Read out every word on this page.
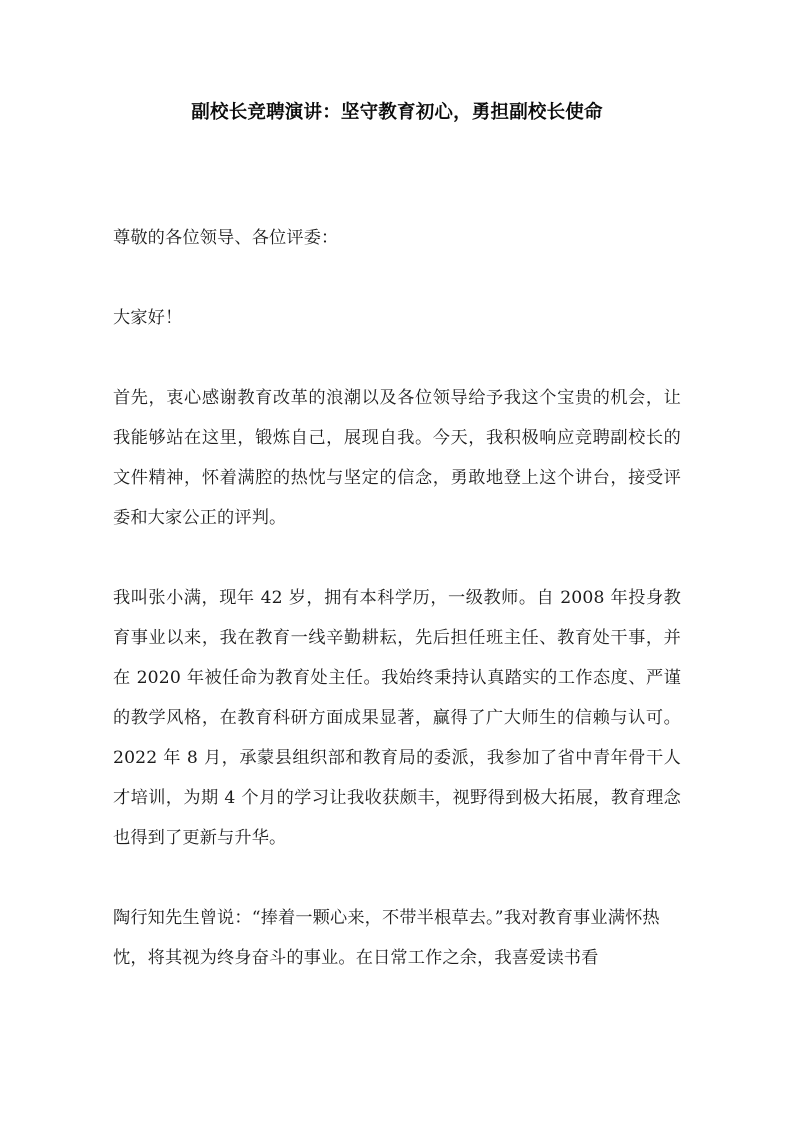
副校长竞聘演讲：坚守教育初心，勇担副校长使命

尊敬的各位领导、各位评委：

大家好！

首先，衷心感谢教育改革的浪潮以及各位领导给予我这个宝贵的机会，让我能够站在这里，锻炼自己，展现自我。今天，我积极响应竞聘副校长的文件精神，怀着满腔的热忱与坚定的信念，勇敢地登上这个讲台，接受评委和大家公正的评判。

我叫张小满，现年 42 岁，拥有本科学历，一级教师。自 2008 年投身教育事业以来，我在教育一线辛勤耕耘，先后担任班主任、教育处干事，并在 2020 年被任命为教育处主任。我始终秉持认真踏实的工作态度、严谨的教学风格，在教育科研方面成果显著，赢得了广大师生的信赖与认可。2022 年 8 月，承蒙县组织部和教育局的委派，我参加了省中青年骨干人才培训，为期 4 个月的学习让我收获颇丰，视野得到极大拓展，教育理念也得到了更新与升华。

陶行知先生曾说：“捧着一颗心来，不带半根草去。”我对教育事业满怀热忱，将其视为终身奋斗的事业。在日常工作之余，我喜爱读书看
